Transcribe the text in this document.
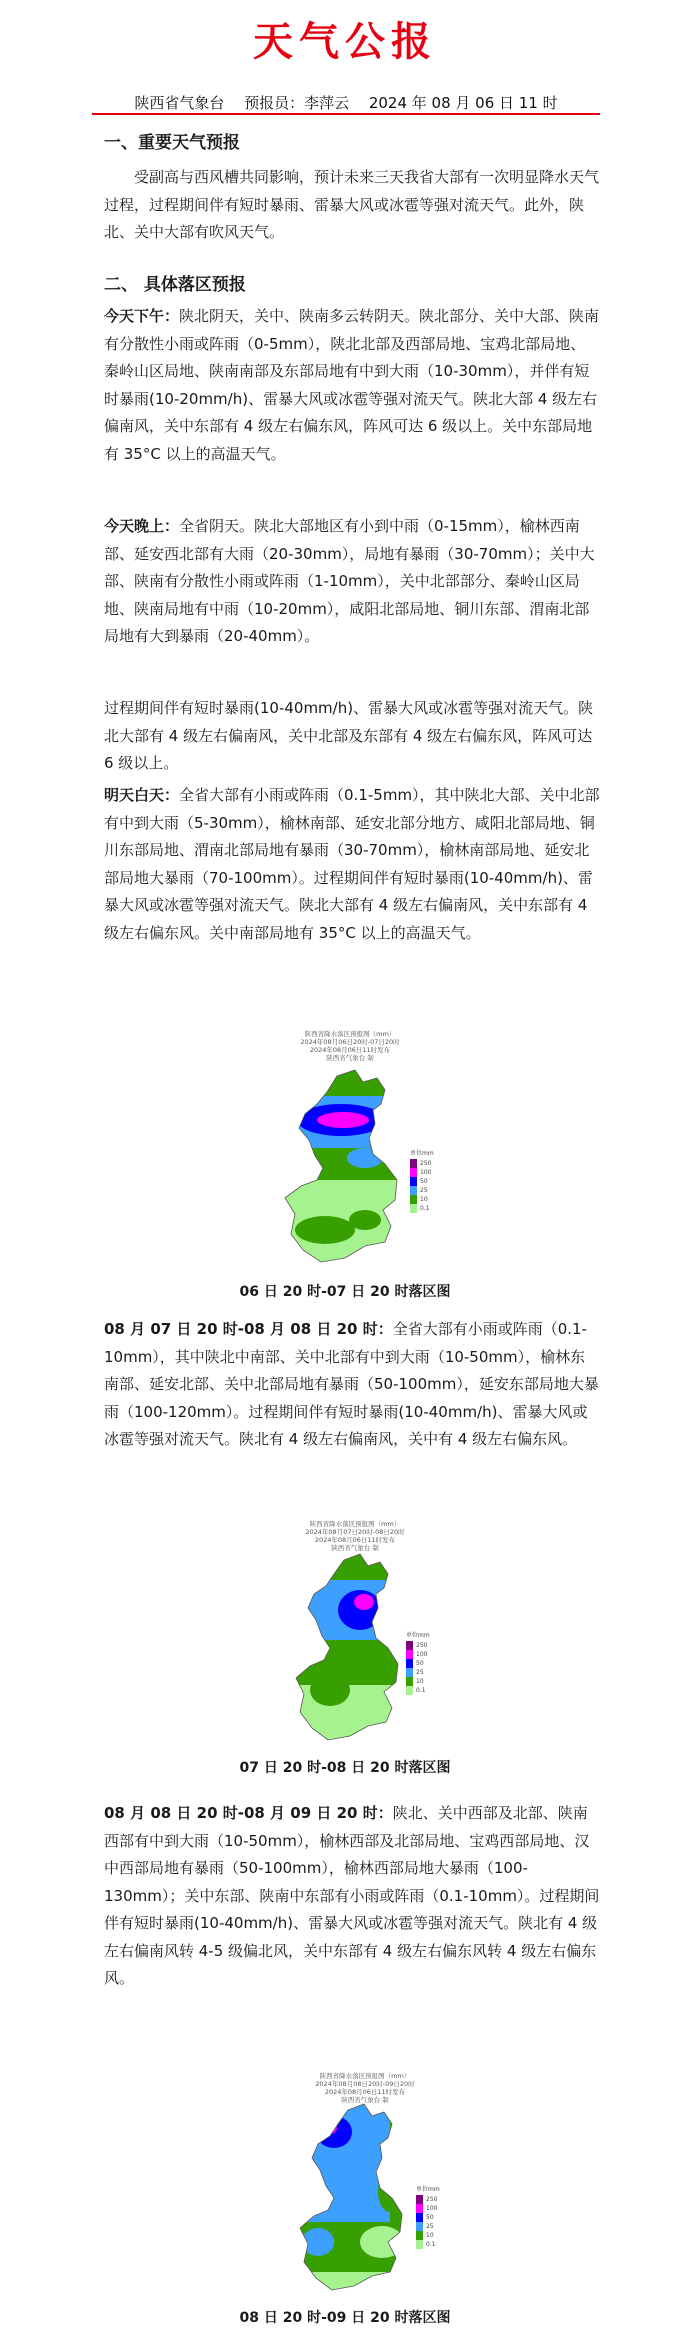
天气公报
陕西省气象台　 预报员：李萍云　 2024 年 08 月 06 日 11 时
一、重要天气预报
受副高与西风槽共同影响，预计未来三天我省大部有一次明显降水天气过程，过程期间伴有短时暴雨、雷暴大风或冰雹等强对流天气。此外，陕北、关中大部有吹风天气。
二、 具体落区预报
今天下午：陕北阴天，关中、陕南多云转阴天。陕北部分、关中大部、陕南有分散性小雨或阵雨（0-5mm），陕北北部及西部局地、宝鸡北部局地、秦岭山区局地、陕南南部及东部局地有中到大雨（10-30mm），并伴有短时暴雨(10-20mm/h)、雷暴大风或冰雹等强对流天气。陕北大部 4 级左右偏南风，关中东部有 4 级左右偏东风，阵风可达 6 级以上。关中东部局地有 35°C 以上的高温天气。
今天晚上：全省阴天。陕北大部地区有小到中雨（0-15mm），榆林西南部、延安西北部有大雨（20-30mm），局地有暴雨（30-70mm）；关中大部、陕南有分散性小雨或阵雨（1-10mm），关中北部部分、秦岭山区局地、陕南局地有中雨（10-20mm），咸阳北部局地、铜川东部、渭南北部局地有大到暴雨（20-40mm）。
过程期间伴有短时暴雨(10-40mm/h)、雷暴大风或冰雹等强对流天气。陕北大部有 4 级左右偏南风，关中北部及东部有 4 级左右偏东风，阵风可达 6 级以上。
明天白天：全省大部有小雨或阵雨（0.1-5mm），其中陕北大部、关中北部有中到大雨（5-30mm），榆林南部、延安北部分地方、咸阳北部局地、铜川东部局地、渭南北部局地有暴雨（30-70mm），榆林南部局地、延安北部局地大暴雨（70-100mm）。过程期间伴有短时暴雨(10-40mm/h)、雷暴大风或冰雹等强对流天气。陕北大部有 4 级左右偏南风，关中东部有 4 级左右偏东风。关中南部局地有 35°C 以上的高温天气。
陕西省降水落区预报图（mm）
2024年08月06日20时-07日20时
2024年08月06日11时发布
陕西省气象台 制
单位mm
250
100
50
25
10
0.1
06 日 20 时-07 日 20 时落区图
08 月 07 日 20 时-08 月 08 日 20 时：全省大部有小雨或阵雨（0.1-10mm），其中陕北中南部、关中北部有中到大雨（10-50mm），榆林东南部、延安北部、关中北部局地有暴雨（50-100mm），延安东部局地大暴雨（100-120mm）。过程期间伴有短时暴雨(10-40mm/h)、雷暴大风或冰雹等强对流天气。陕北有 4 级左右偏南风，关中有 4 级左右偏东风。
陕西省降水落区预报图（mm）
2024年08月07日20时-08日20时
2024年08月06日11时发布
陕西省气象台 制
单位mm
250
100
50
25
10
0.1
07 日 20 时-08 日 20 时落区图
08 月 08 日 20 时-08 月 09 日 20 时：陕北、关中西部及北部、陕南西部有中到大雨（10-50mm），榆林西部及北部局地、宝鸡西部局地、汉中西部局地有暴雨（50-100mm），榆林西部局地大暴雨（100-130mm）；关中东部、陕南中东部有小雨或阵雨（0.1-10mm）。过程期间伴有短时暴雨(10-40mm/h)、雷暴大风或冰雹等强对流天气。陕北有 4 级左右偏南风转 4-5 级偏北风，关中东部有 4 级左右偏东风转 4 级左右偏东风。
陕西省降水落区预报图（mm）
2024年08月08日20时-09日20时
2024年08月06日11时发布
陕西省气象台 制
单位mm
250
100
50
25
10
0.1
08 日 20 时-09 日 20 时落区图
